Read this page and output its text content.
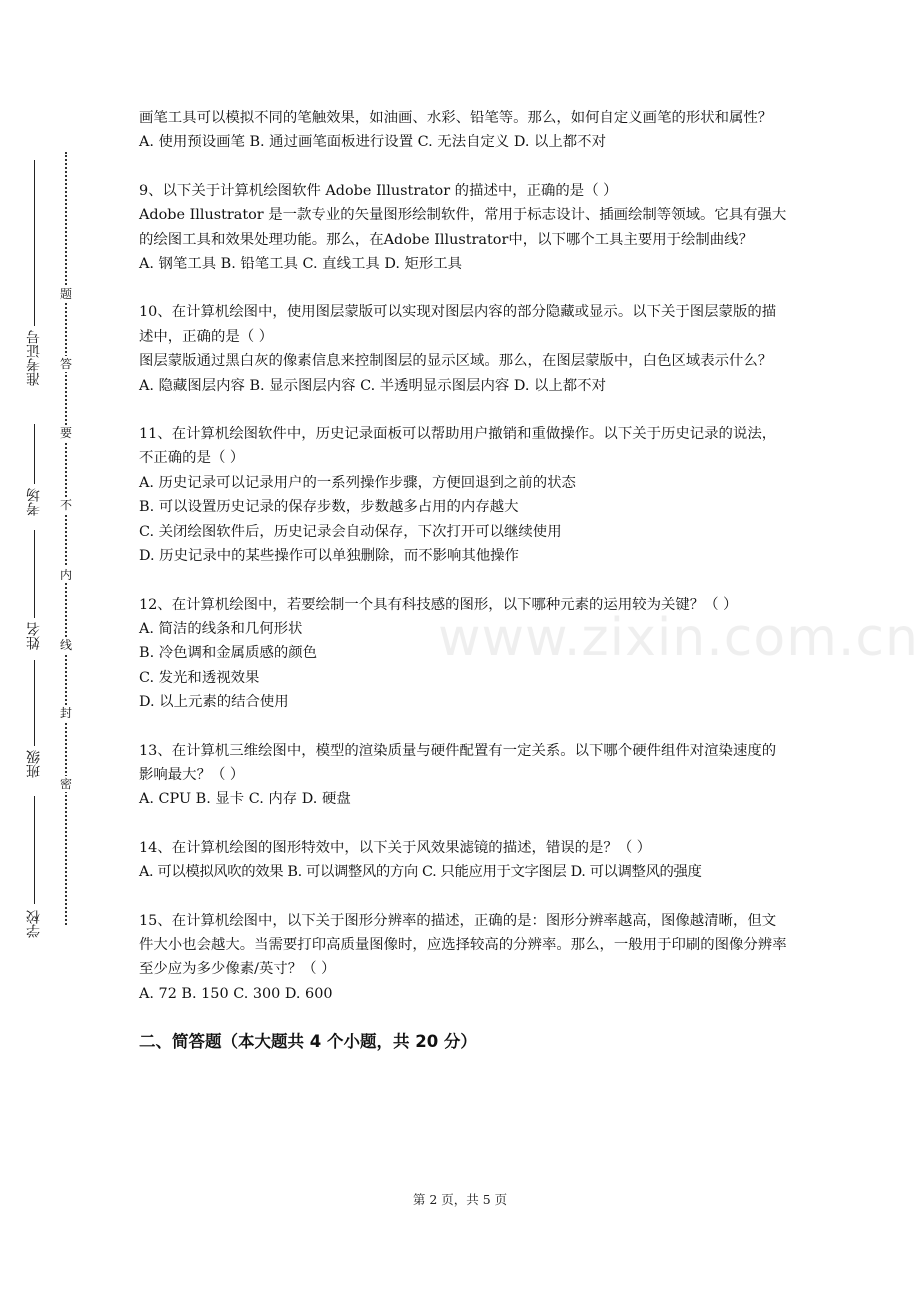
题
答
要
不
内
线
封
密
学校
班级
姓名
考场
准考证号
www.zixin.com.cn

画笔工具可以模拟不同的笔触效果，如油画、水彩、铅笔等。那么，如何自定义画笔的形状和属性？

A. 使用预设画笔 B. 通过画笔面板进行设置 C. 无法自定义 D. 以上都不对

9、以下关于计算机绘图软件 Adobe Illustrator 的描述中，正确的是（ ）

Adobe Illustrator 是一款专业的矢量图形绘制软件，常用于标志设计、插画绘制等领域。它具有强大的绘图工具和效果处理功能。那么，在Adobe Illustrator中，以下哪个工具主要用于绘制曲线？

A. 钢笔工具 B. 铅笔工具 C. 直线工具 D. 矩形工具

10、在计算机绘图中，使用图层蒙版可以实现对图层内容的部分隐藏或显示。以下关于图层蒙版的描述中，正确的是（ ）

图层蒙版通过黑白灰的像素信息来控制图层的显示区域。那么，在图层蒙版中，白色区域表示什么？

A. 隐藏图层内容 B. 显示图层内容 C. 半透明显示图层内容 D. 以上都不对

11、在计算机绘图软件中，历史记录面板可以帮助用户撤销和重做操作。以下关于历史记录的说法，不正确的是（ ）

A. 历史记录可以记录用户的一系列操作步骤，方便回退到之前的状态

B. 可以设置历史记录的保存步数，步数越多占用的内存越大

C. 关闭绘图软件后，历史记录会自动保存，下次打开可以继续使用

D. 历史记录中的某些操作可以单独删除，而不影响其他操作

12、在计算机绘图中，若要绘制一个具有科技感的图形，以下哪种元素的运用较为关键？（ ）

A. 简洁的线条和几何形状

B. 冷色调和金属质感的颜色

C. 发光和透视效果

D. 以上元素的结合使用

13、在计算机三维绘图中，模型的渲染质量与硬件配置有一定关系。以下哪个硬件组件对渲染速度的影响最大？（ ）

A. CPU B. 显卡 C. 内存 D. 硬盘

14、在计算机绘图的图形特效中，以下关于风效果滤镜的描述，错误的是？（ ）

A. 可以模拟风吹的效果 B. 可以调整风的方向 C. 只能应用于文字图层 D. 可以调整风的强度

15、在计算机绘图中，以下关于图形分辨率的描述，正确的是：图形分辨率越高，图像越清晰，但文件大小也会越大。当需要打印高质量图像时，应选择较高的分辨率。那么，一般用于印刷的图像分辨率至少应为多少像素/英寸？（ ）

A. 72 B. 150 C. 300 D. 600

二、简答题（本大题共 4 个小题，共 20 分）

第 2 页，共 5 页
